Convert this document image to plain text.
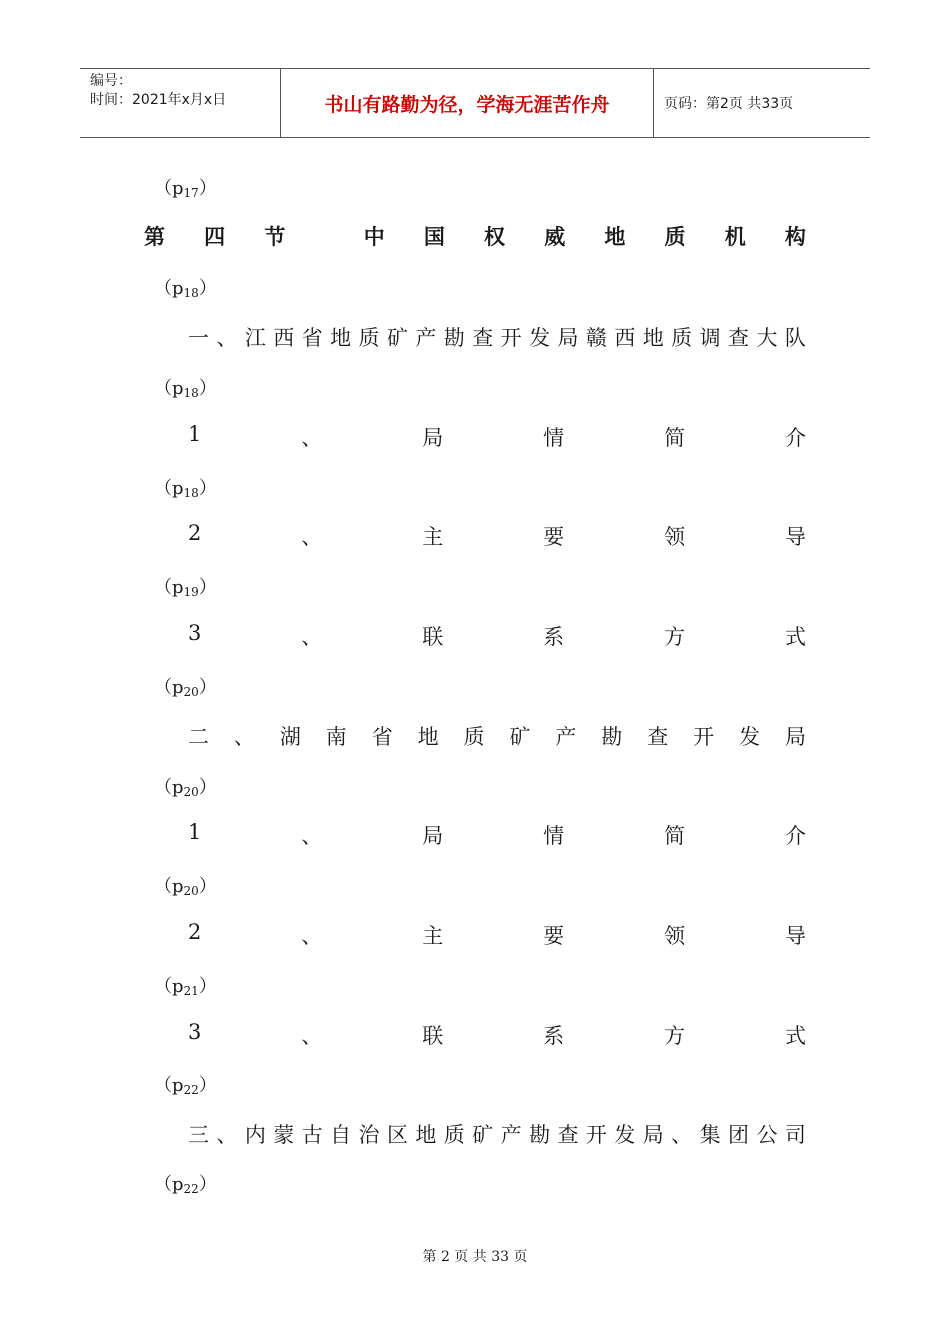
编号：
时间：2021年x月x日	书山有路勤为径，学海无涯苦作舟	页码：第2页 共33页
$(p_{17})$
第 四 节	中 国 权 威 地 质 机 构
$(p_{18})$
一 、 江 西 省 地 质 矿 产 勘 查 开 发 局 赣 西 地 质 调 查 大 队
$(p_{18})$
1	、	局	情	简	介
$(p_{18})$
2	、	主	要	领	导
$(p_{19})$
3	、	联	系	方	式
$(p_{20})$
二 、 湖 南 省 地 质 矿 产 勘 查 开 发 局
$(p_{20})$
1	、	局	情	简	介
$(p_{20})$
2	、	主	要	领	导
$(p_{21})$
3	、	联	系	方	式
$(p_{22})$
三 、 内 蒙 古 自 治 区 地 质 矿 产 勘 查 开 发 局 、 集 团 公 司
$(p_{22})$
第 2 页 共 33 页
